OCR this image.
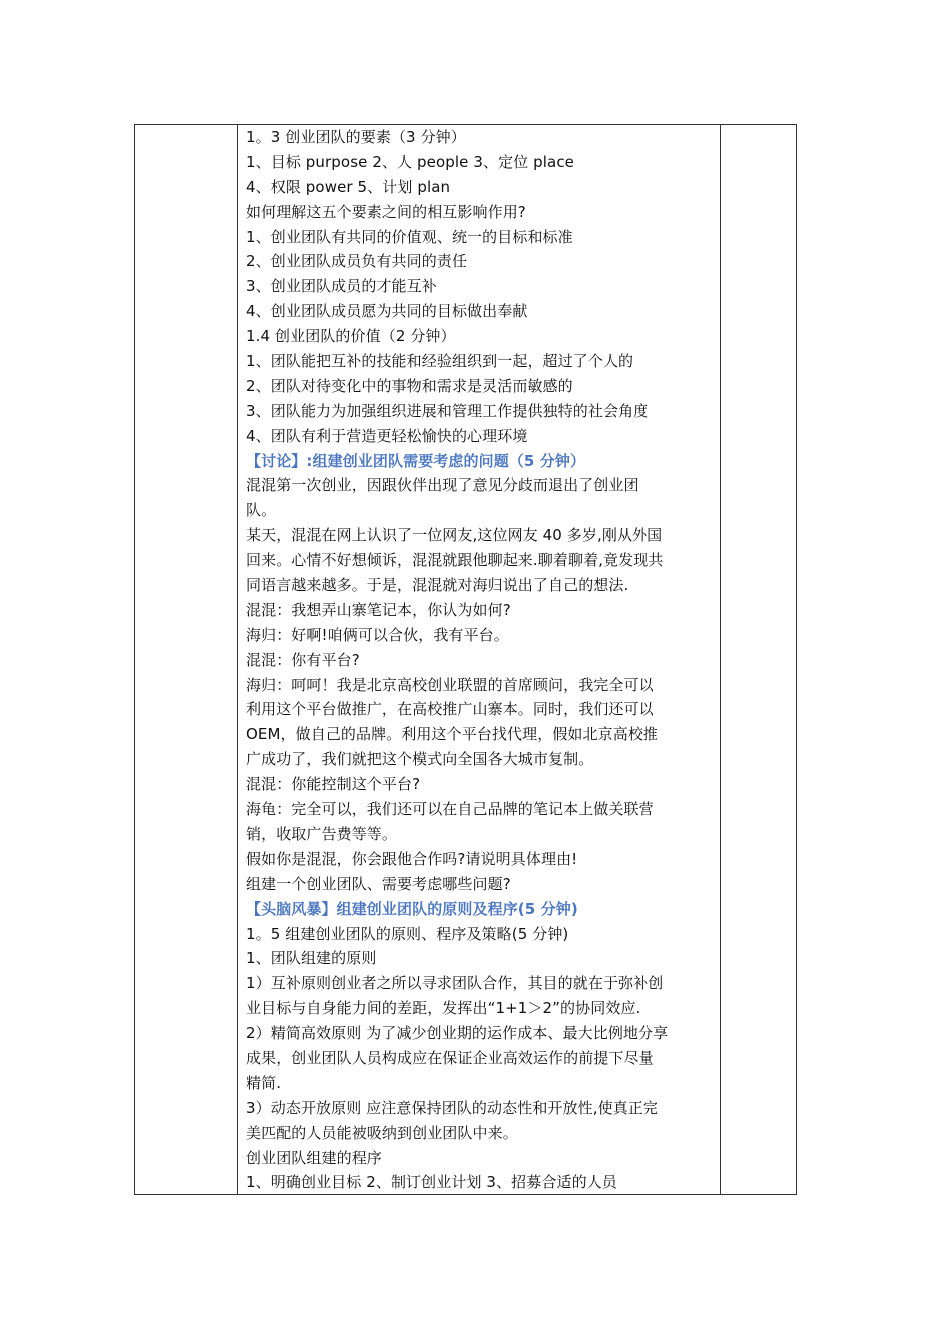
1。3 创业团队的要素（3 分钟）
1、目标 purpose 2、人 people 3、定位 place
4、权限 power 5、计划 plan
如何理解这五个要素之间的相互影响作用?
1、创业团队有共同的价值观、统一的目标和标准
2、创业团队成员负有共同的责任
3、创业团队成员的才能互补
4、创业团队成员愿为共同的目标做出奉献
1.4 创业团队的价值（2 分钟）
1、团队能把互补的技能和经验组织到一起，超过了个人的
2、团队对待变化中的事物和需求是灵活而敏感的
3、团队能力为加强组织进展和管理工作提供独特的社会角度
4、团队有利于营造更轻松愉快的心理环境
【讨论】:组建创业团队需要考虑的问题（5 分钟）
混混第一次创业，因跟伙伴出现了意见分歧而退出了创业团
队。
某天，混混在网上认识了一位网友,这位网友 40 多岁,刚从外国
回来。心情不好想倾诉，混混就跟他聊起来.聊着聊着,竟发现共
同语言越来越多。于是，混混就对海归说出了自己的想法.
混混：我想弄山寨笔记本，你认为如何?
海归：好啊!咱俩可以合伙，我有平台。
混混：你有平台?
海归：呵呵！我是北京高校创业联盟的首席顾问，我完全可以
利用这个平台做推广，在高校推广山寨本。同时，我们还可以
OEM，做自己的品牌。利用这个平台找代理，假如北京高校推
广成功了，我们就把这个模式向全国各大城市复制。
混混：你能控制这个平台?
海龟：完全可以，我们还可以在自己品牌的笔记本上做关联营
销，收取广告费等等。
假如你是混混，你会跟他合作吗?请说明具体理由!
组建一个创业团队、需要考虑哪些问题?
【头脑风暴】组建创业团队的原则及程序(5 分钟)
1。5 组建创业团队的原则、程序及策略(5 分钟)
1、团队组建的原则
1）互补原则创业者之所以寻求团队合作，其目的就在于弥补创
业目标与自身能力间的差距，发挥出“1+1＞2”的协同效应.
2）精简高效原则 为了减少创业期的运作成本、最大比例地分享
成果，创业团队人员构成应在保证企业高效运作的前提下尽量
精简.
3）动态开放原则 应注意保持团队的动态性和开放性,使真正完
美匹配的人员能被吸纳到创业团队中来。
创业团队组建的程序
1、明确创业目标 2、制订创业计划 3、招募合适的人员
